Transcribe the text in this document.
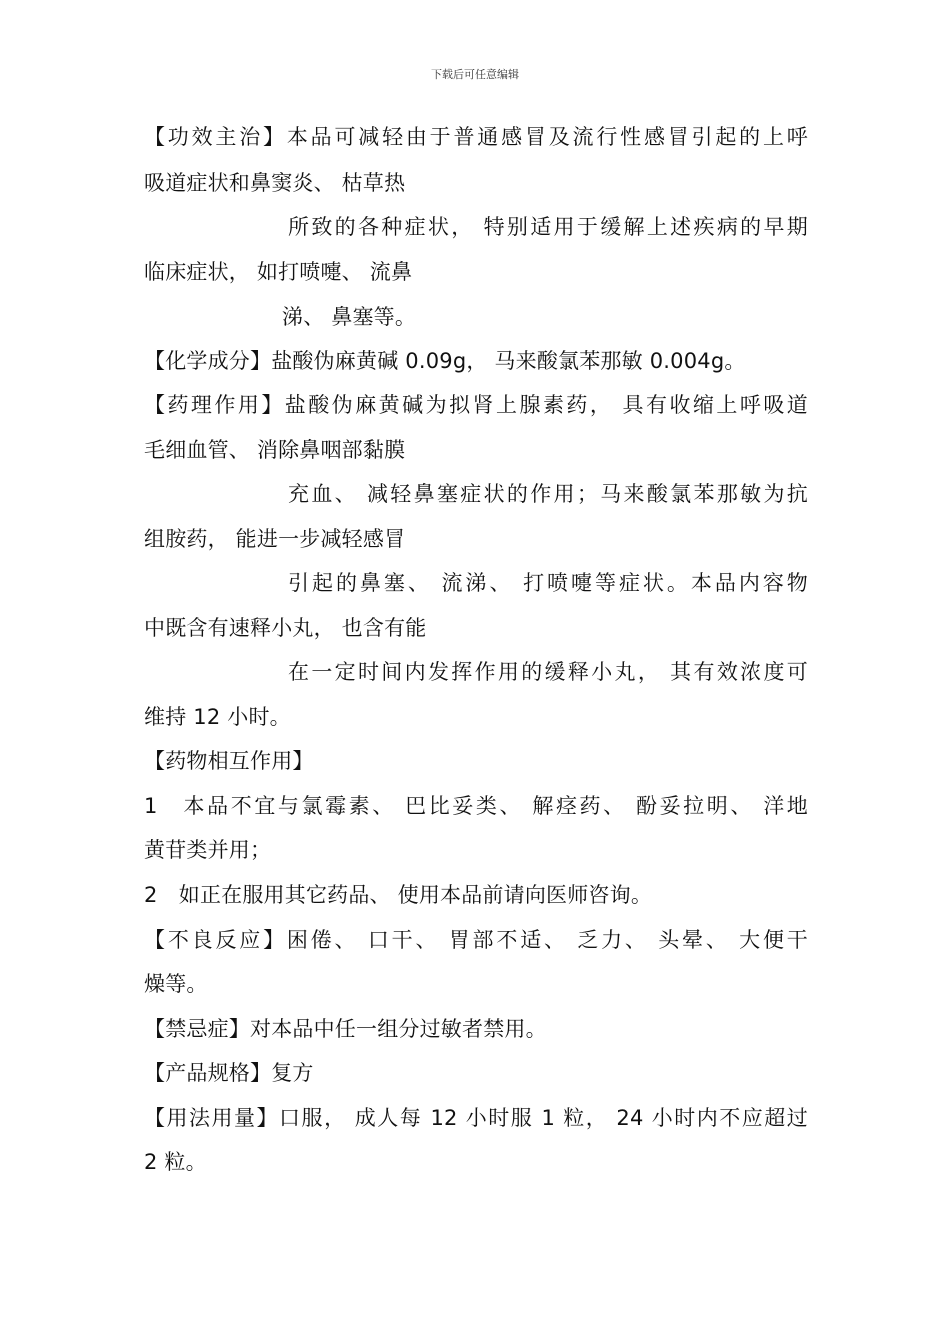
下载后可任意编辑
【功效主治】本品可减轻由于普通感冒及流行性感冒引起的上呼
吸道症状和鼻窦炎、 枯草热
所致的各种症状， 特别适用于缓解上述疾病的早期
临床症状， 如打喷嚏、 流鼻
涕、 鼻塞等。
【化学成分】盐酸伪麻黄碱 0.09g， 马来酸氯苯那敏 0.004g。
【药理作用】盐酸伪麻黄碱为拟肾上腺素药， 具有收缩上呼吸道
毛细血管、 消除鼻咽部黏膜
充血、 减轻鼻塞症状的作用；马来酸氯苯那敏为抗
组胺药， 能进一步减轻感冒
引起的鼻塞、 流涕、 打喷嚏等症状。本品内容物
中既含有速释小丸， 也含有能
在一定时间内发挥作用的缓释小丸， 其有效浓度可
维持 12 小时。
【药物相互作用】
1　本品不宜与氯霉素、 巴比妥类、 解痉药、 酚妥拉明、 洋地
黄苷类并用；
2　如正在服用其它药品、 使用本品前请向医师咨询。
【不良反应】困倦、 口干、 胃部不适、 乏力、 头晕、 大便干
燥等。
【禁忌症】对本品中任一组分过敏者禁用。
【产品规格】复方
【用法用量】口服， 成人每 12 小时服 1 粒， 24 小时内不应超过
2 粒。
